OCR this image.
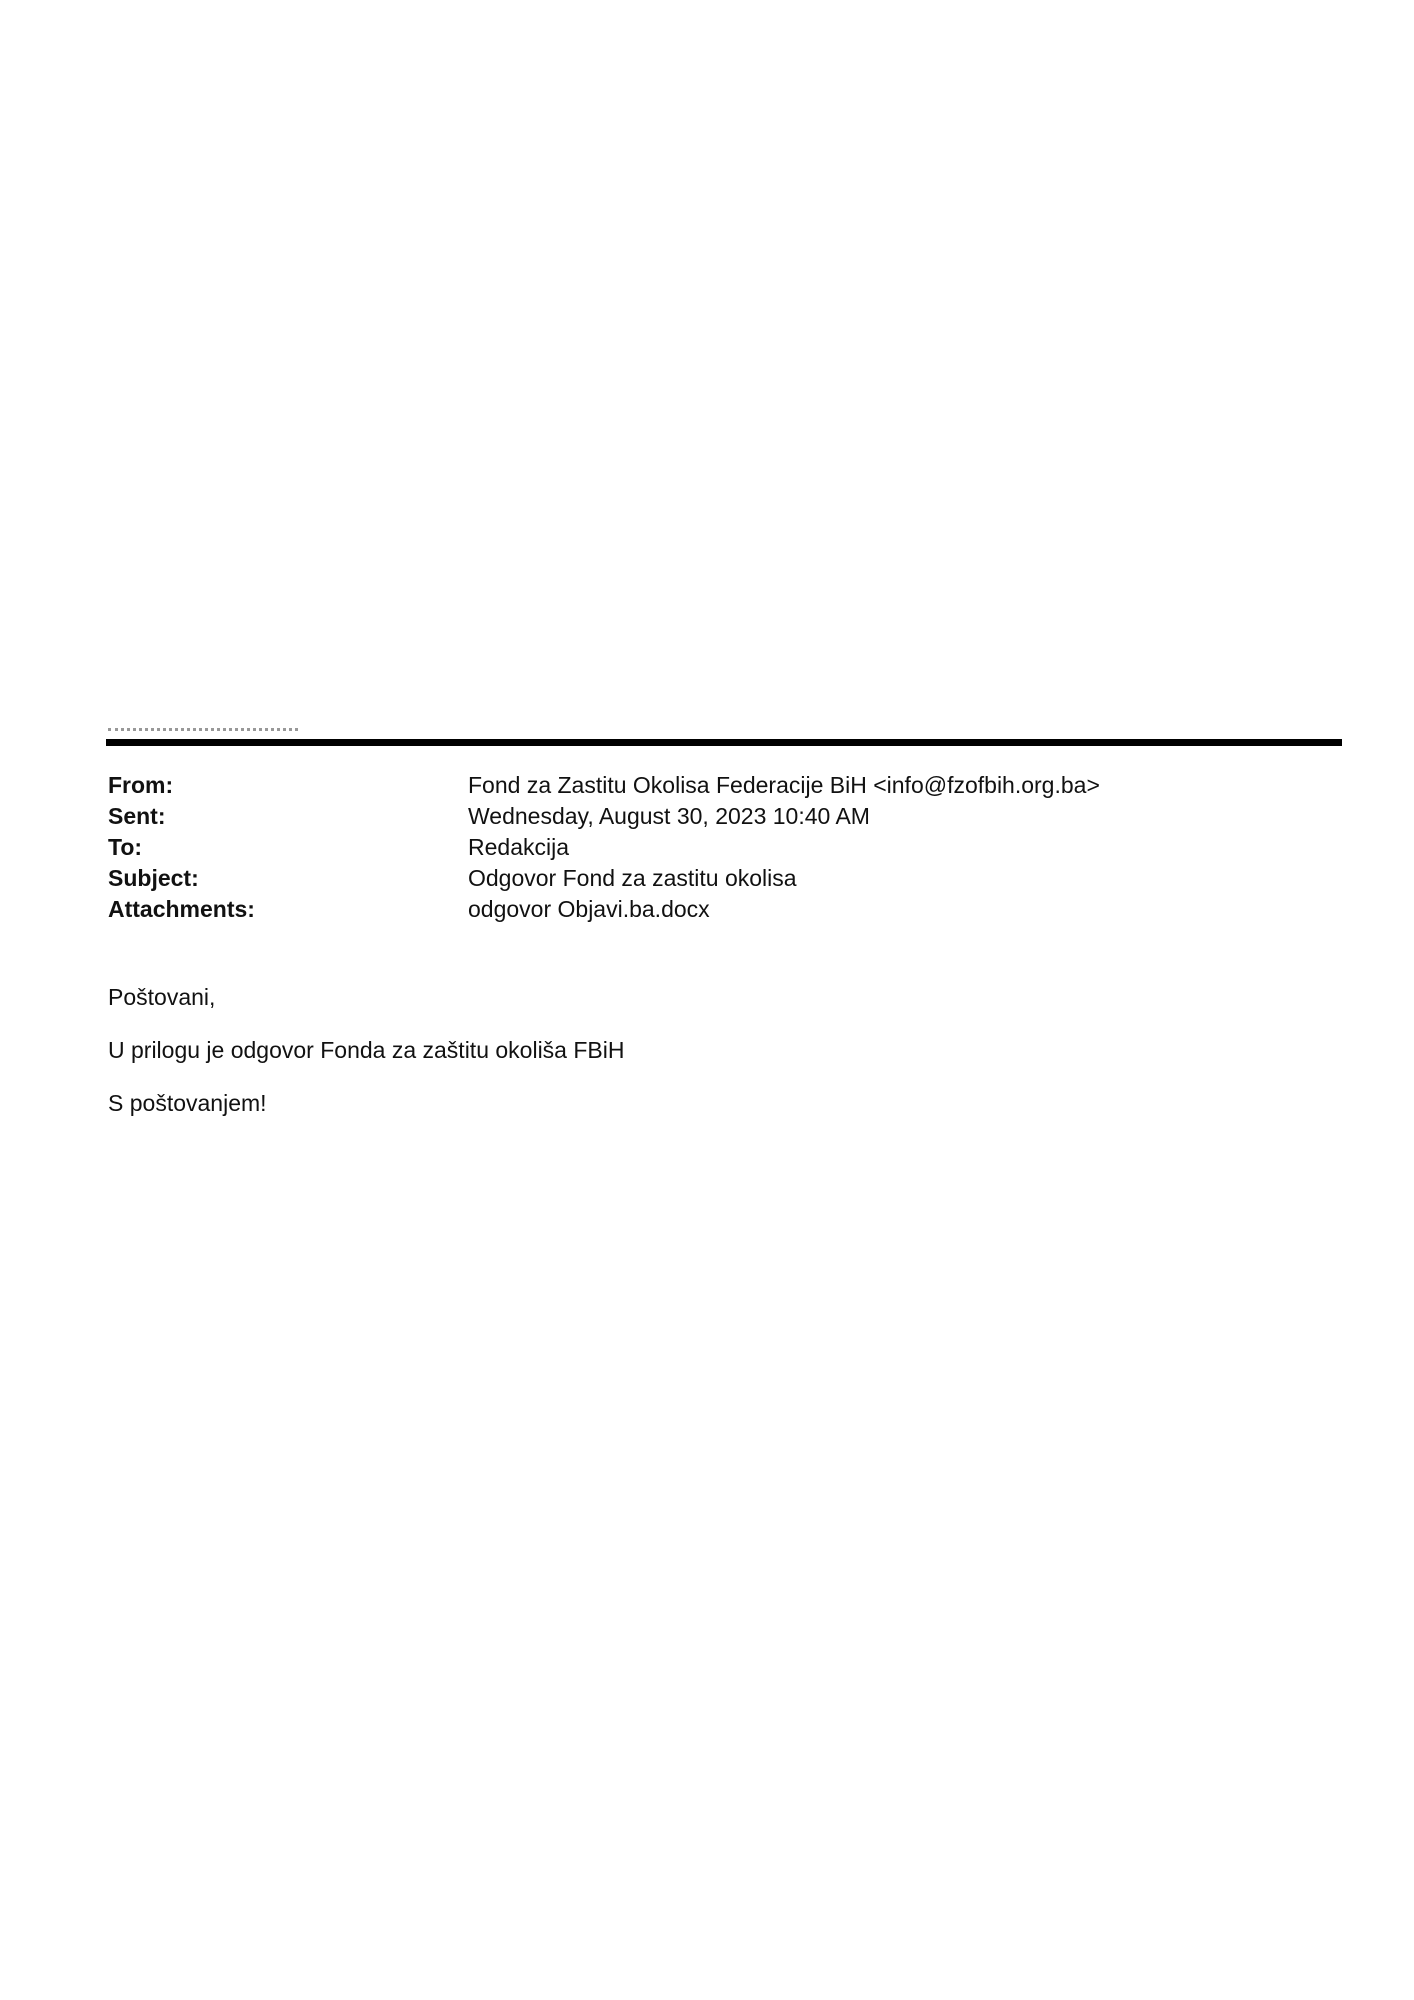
From:	Fond za Zastitu Okolisa Federacije BiH <info@fzofbih.org.ba>
Sent:	Wednesday, August 30, 2023 10:40 AM
To:	Redakcija
Subject:	Odgovor Fond za zastitu okolisa
Attachments:	odgovor Objavi.ba.docx

Poštovani,

U prilogu je odgovor Fonda za zaštitu okoliša FBiH

S poštovanjem!
